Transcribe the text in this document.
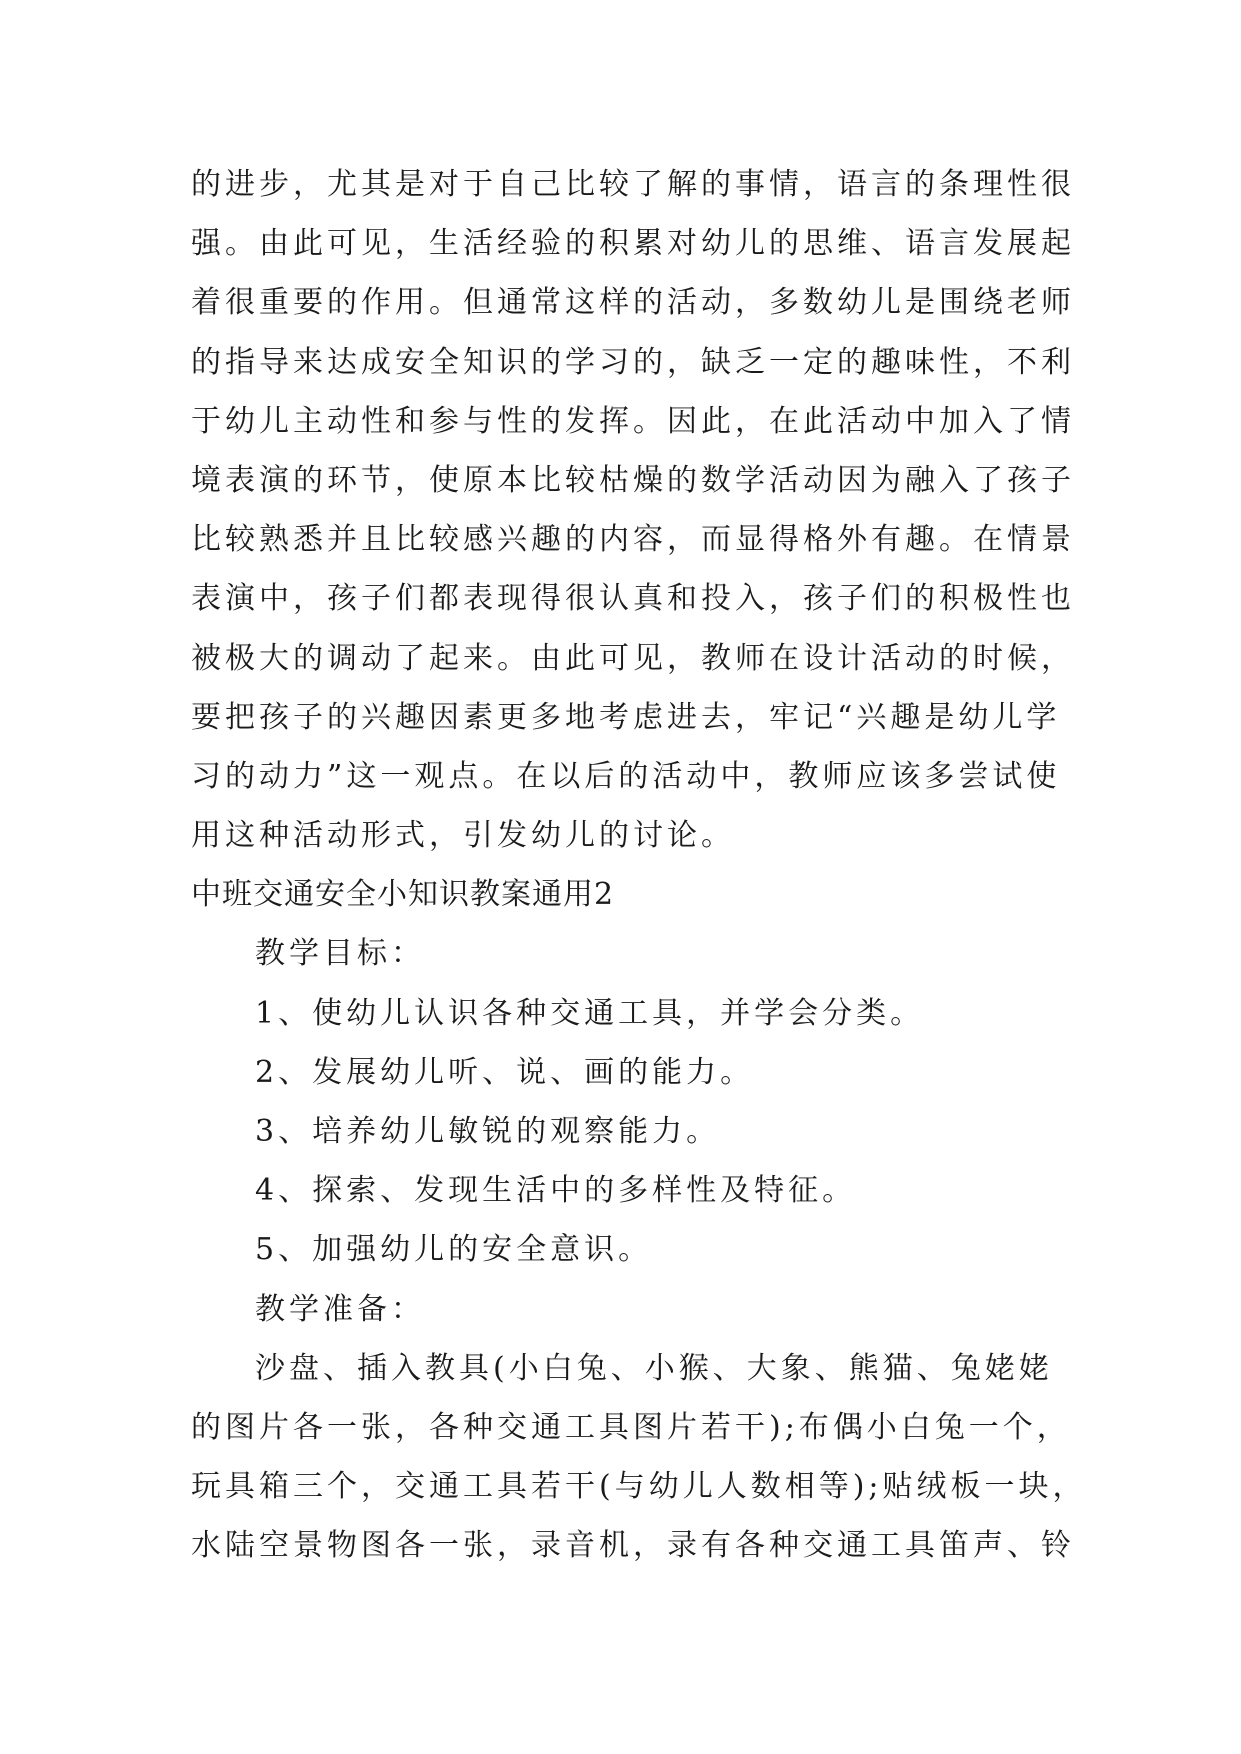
的进步，尤其是对于自己比较了解的事情，语言的条理性很
强。由此可见，生活经验的积累对幼儿的思维、语言发展起
着很重要的作用。但通常这样的活动，多数幼儿是围绕老师
的指导来达成安全知识的学习的，缺乏一定的趣味性，不利
于幼儿主动性和参与性的发挥。因此，在此活动中加入了情
境表演的环节，使原本比较枯燥的数学活动因为融入了孩子
比较熟悉并且比较感兴趣的内容，而显得格外有趣。在情景
表演中，孩子们都表现得很认真和投入，孩子们的积极性也
被极大的调动了起来。由此可见，教师在设计活动的时候，
要把孩子的兴趣因素更多地考虑进去，牢记“兴趣是幼儿学
习的动力”这一观点。在以后的活动中，教师应该多尝试使
用这种活动形式，引发幼儿的讨论。
中班交通安全小知识教案通用2
教学目标：
1、使幼儿认识各种交通工具，并学会分类。
2、发展幼儿听、说、画的能力。
3、培养幼儿敏锐的观察能力。
4、探索、发现生活中的多样性及特征。
5、加强幼儿的安全意识。
教学准备：
沙盘、插入教具(小白兔、小猴、大象、熊猫、兔姥姥
的图片各一张，各种交通工具图片若干);布偶小白兔一个，
玩具箱三个，交通工具若干(与幼儿人数相等);贴绒板一块，
水陆空景物图各一张，录音机，录有各种交通工具笛声、铃
